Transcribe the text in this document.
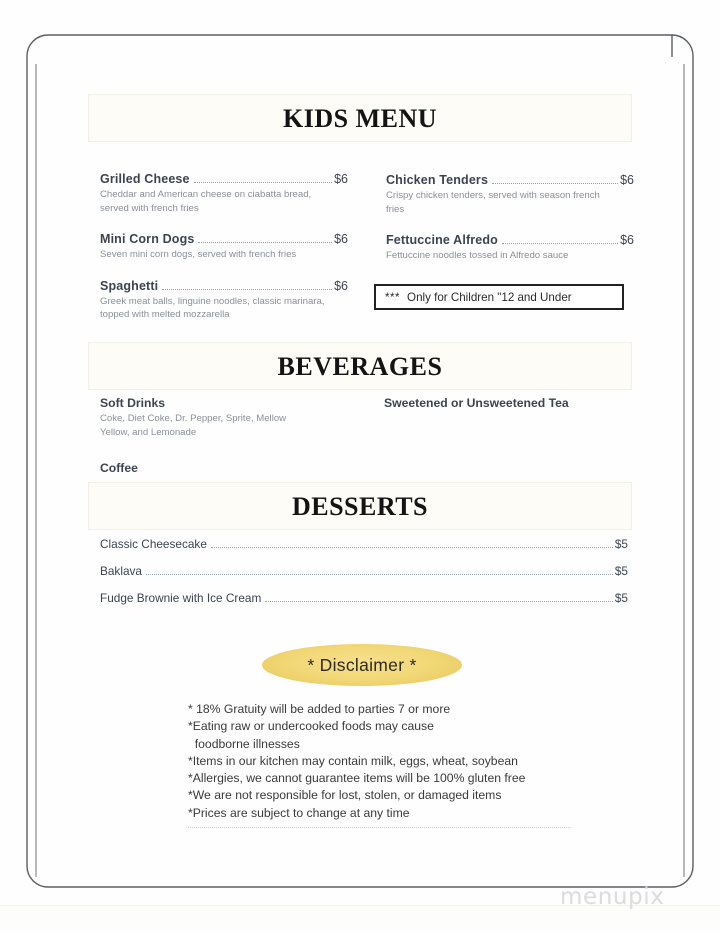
KIDS MENU
Grilled Cheese	$6
Cheddar and American cheese on ciabatta bread, served with french fries
Mini Corn Dogs	$6
Seven mini corn dogs, served with french fries
Spaghetti	$6
Greek meat balls, linguine noodles, classic marinara, topped with melted mozzarella
Chicken Tenders	$6
Crispy chicken tenders, served with season french fries
Fettuccine Alfredo	$6
Fettuccine noodles tossed in Alfredo sauce
*** Only for Children "12 and Under
BEVERAGES
Soft Drinks
Coke, Diet Coke, Dr. Pepper, Sprite, Mellow Yellow, and Lemonade
Coffee
Sweetened or Unsweetened Tea
DESSERTS
Classic Cheesecake	$5
Baklava	$5
Fudge Brownie with Ice Cream	$5
* Disclaimer *
* 18% Gratuity will be added to parties 7 or more
*Eating raw or undercooked foods may cause
foodborne illnesses
*Items in our kitchen may contain milk, eggs, wheat, soybean
*Allergies, we cannot guarantee items will be 100% gluten free
*We are not responsible for lost, stolen, or damaged items
*Prices are subject to change at any time
menupix
